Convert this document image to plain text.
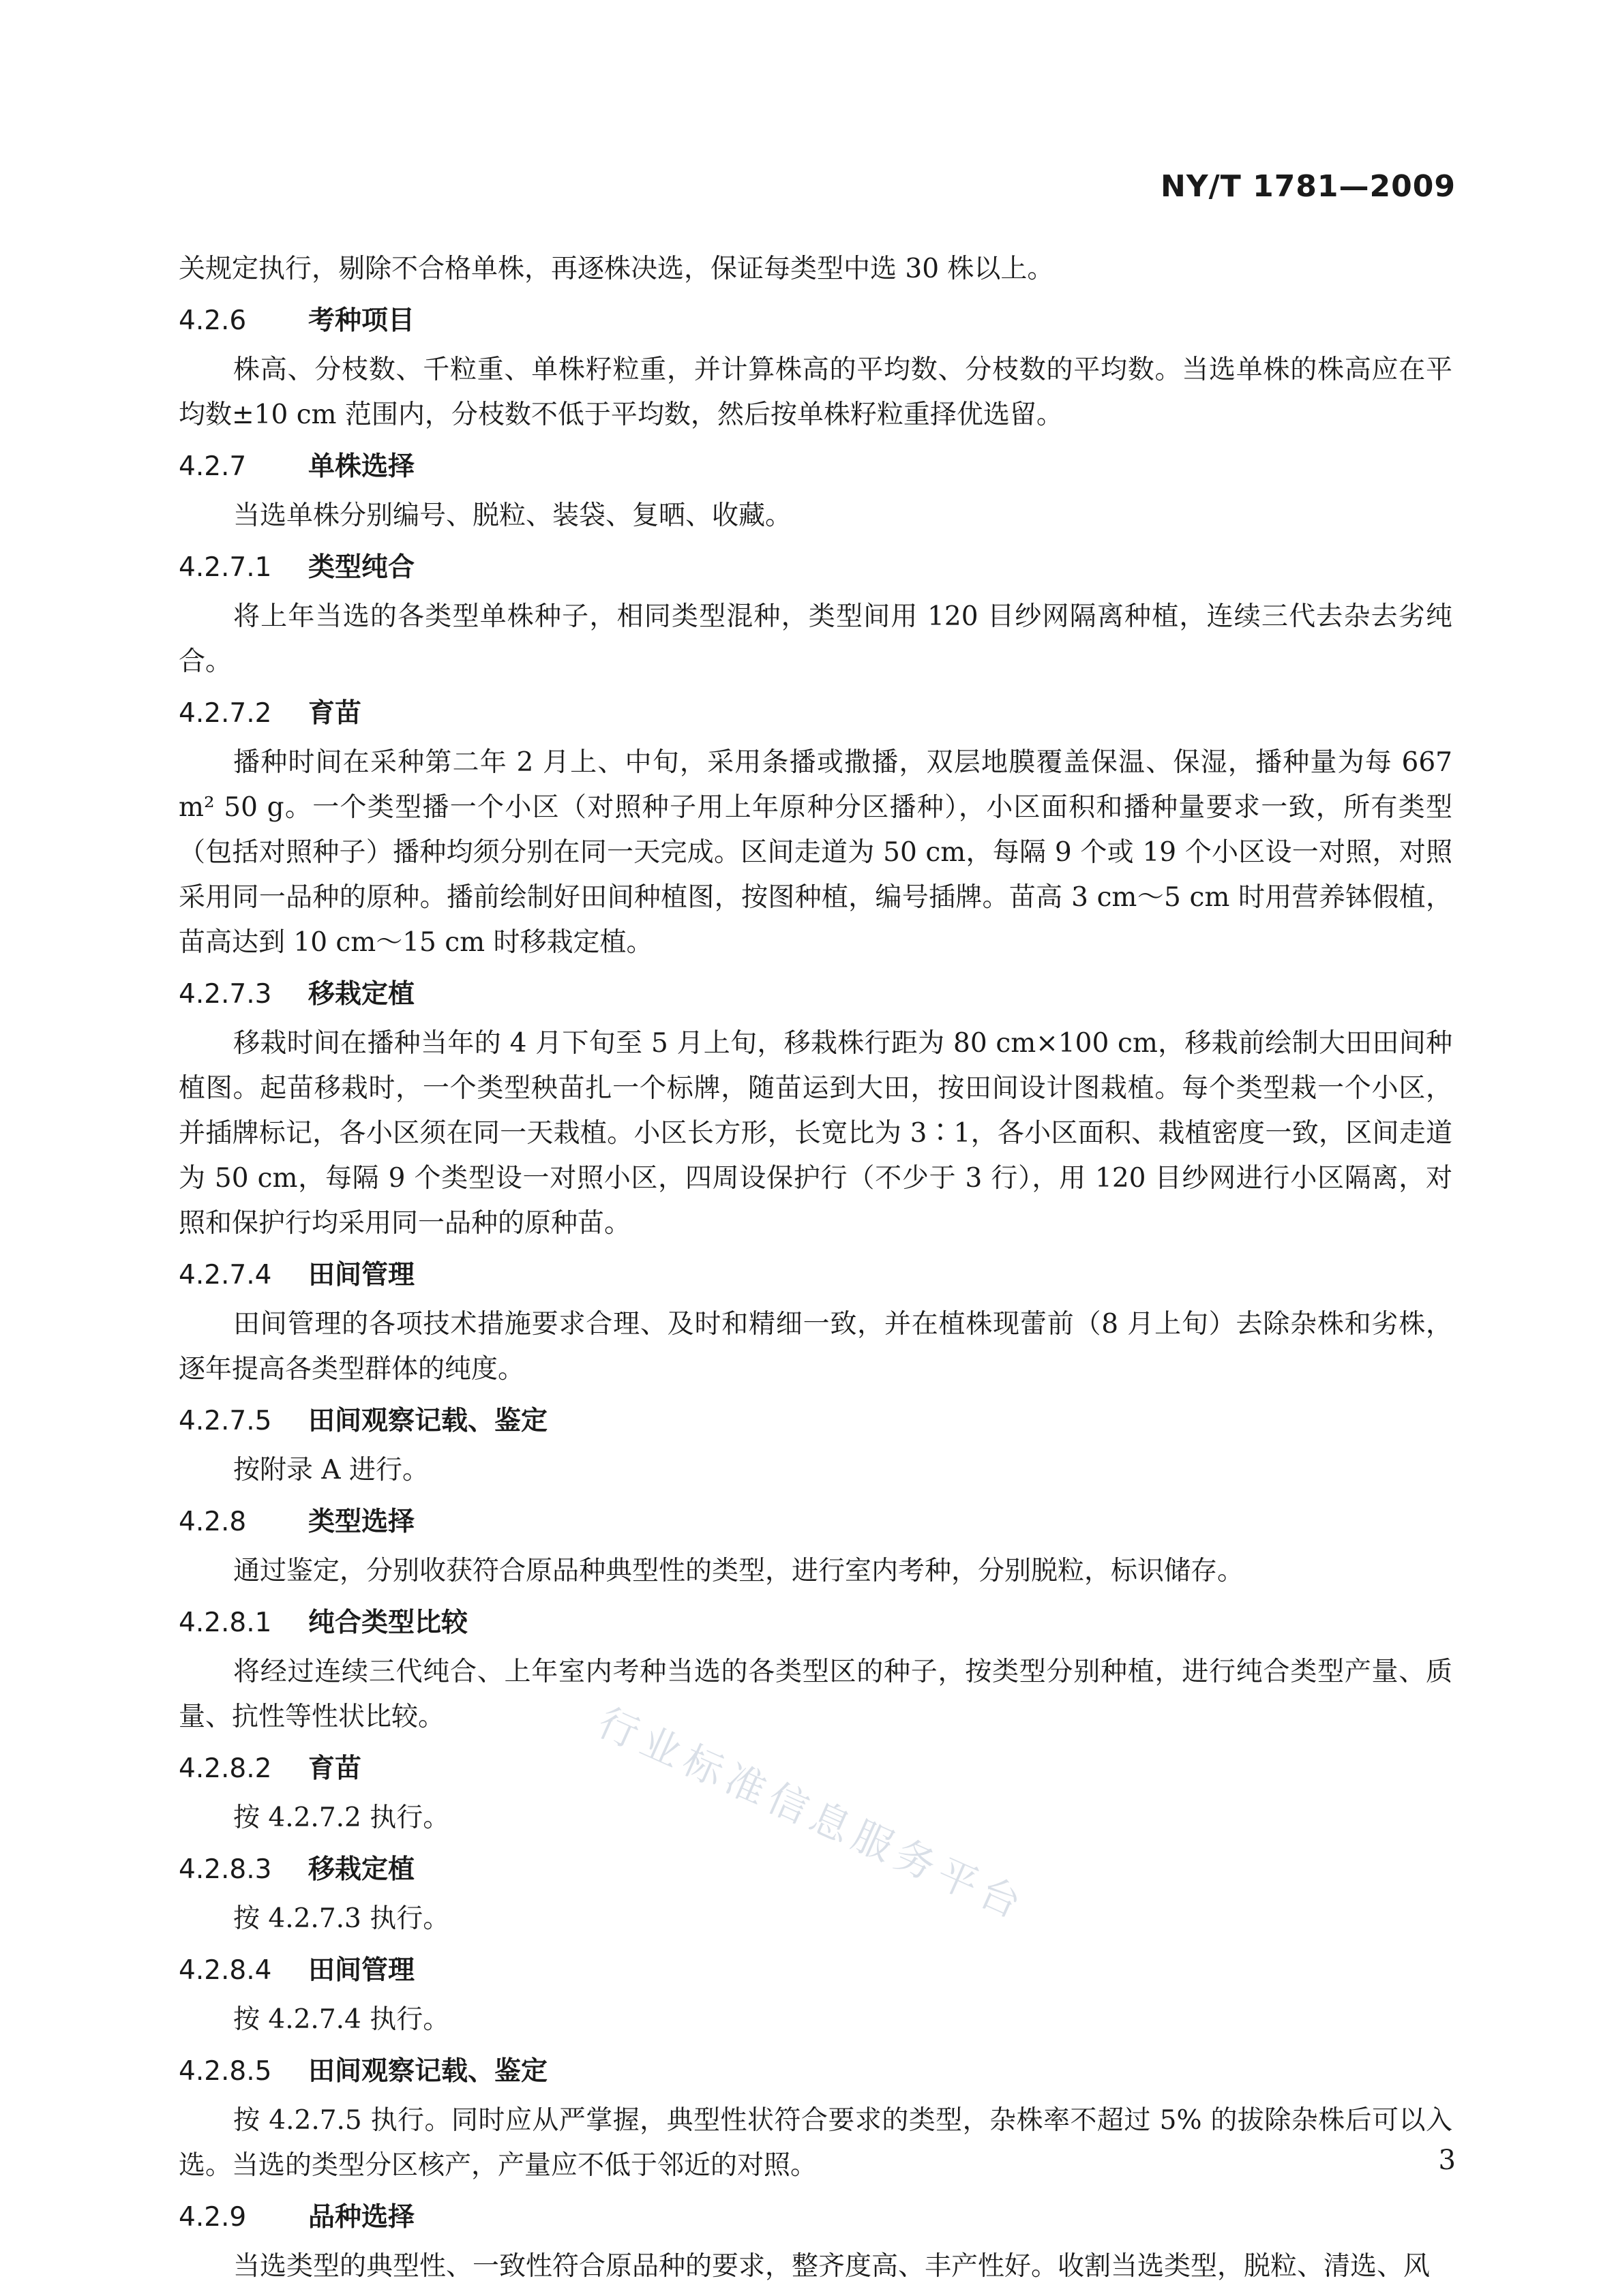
NY/T 1781—2009

关规定执行，剔除不合格单株，再逐株决选，保证每类型中选 30 株以上。

4.2.6 考种项目

株高、分枝数、千粒重、单株籽粒重，并计算株高的平均数、分枝数的平均数。当选单株的株高应在平均数±10 cm 范围内，分枝数不低于平均数，然后按单株籽粒重择优选留。

4.2.7 单株选择

当选单株分别编号、脱粒、装袋、复晒、收藏。

4.2.7.1 类型纯合

将上年当选的各类型单株种子，相同类型混种，类型间用 120 目纱网隔离种植，连续三代去杂去劣纯合。

4.2.7.2 育苗

播种时间在采种第二年 2 月上、中旬，采用条播或撒播，双层地膜覆盖保温、保湿，播种量为每 667 m² 50 g。一个类型播一个小区（对照种子用上年原种分区播种），小区面积和播种量要求一致，所有类型（包括对照种子）播种均须分别在同一天完成。区间走道为 50 cm，每隔 9 个或 19 个小区设一对照，对照采用同一品种的原种。播前绘制好田间种植图，按图种植，编号插牌。苗高 3 cm～5 cm 时用营养钵假植，苗高达到 10 cm～15 cm 时移栽定植。

4.2.7.3 移栽定植

移栽时间在播种当年的 4 月下旬至 5 月上旬，移栽株行距为 80 cm×100 cm，移栽前绘制大田田间种植图。起苗移栽时，一个类型秧苗扎一个标牌，随苗运到大田，按田间设计图栽植。每个类型栽一个小区，并插牌标记，各小区须在同一天栽植。小区长方形，长宽比为 3∶1，各小区面积、栽植密度一致，区间走道为 50 cm，每隔 9 个类型设一对照小区，四周设保护行（不少于 3 行），用 120 目纱网进行小区隔离，对照和保护行均采用同一品种的原种苗。

4.2.7.4 田间管理

田间管理的各项技术措施要求合理、及时和精细一致，并在植株现蕾前（8 月上旬）去除杂株和劣株，逐年提高各类型群体的纯度。

4.2.7.5 田间观察记载、鉴定

按附录 A 进行。

4.2.8 类型选择

通过鉴定，分别收获符合原品种典型性的类型，进行室内考种，分别脱粒，标识储存。

4.2.8.1 纯合类型比较

将经过连续三代纯合、上年室内考种当选的各类型区的种子，按类型分别种植，进行纯合类型产量、质量、抗性等性状比较。

4.2.8.2 育苗

按 4.2.7.2 执行。

4.2.8.3 移栽定植

按 4.2.7.3 执行。

4.2.8.4 田间管理

按 4.2.7.4 执行。

4.2.8.5 田间观察记载、鉴定

按 4.2.7.5 执行。同时应从严掌握，典型性状符合要求的类型，杂株率不超过 5% 的拔除杂株后可以入选。当选的类型分区核产，产量应不低于邻近的对照。

4.2.9 品种选择

当选类型的典型性、一致性符合原品种的要求，整齐度高、丰产性好。收割当选类型，脱粒、清选、风

行业标准信息服务平台
3
